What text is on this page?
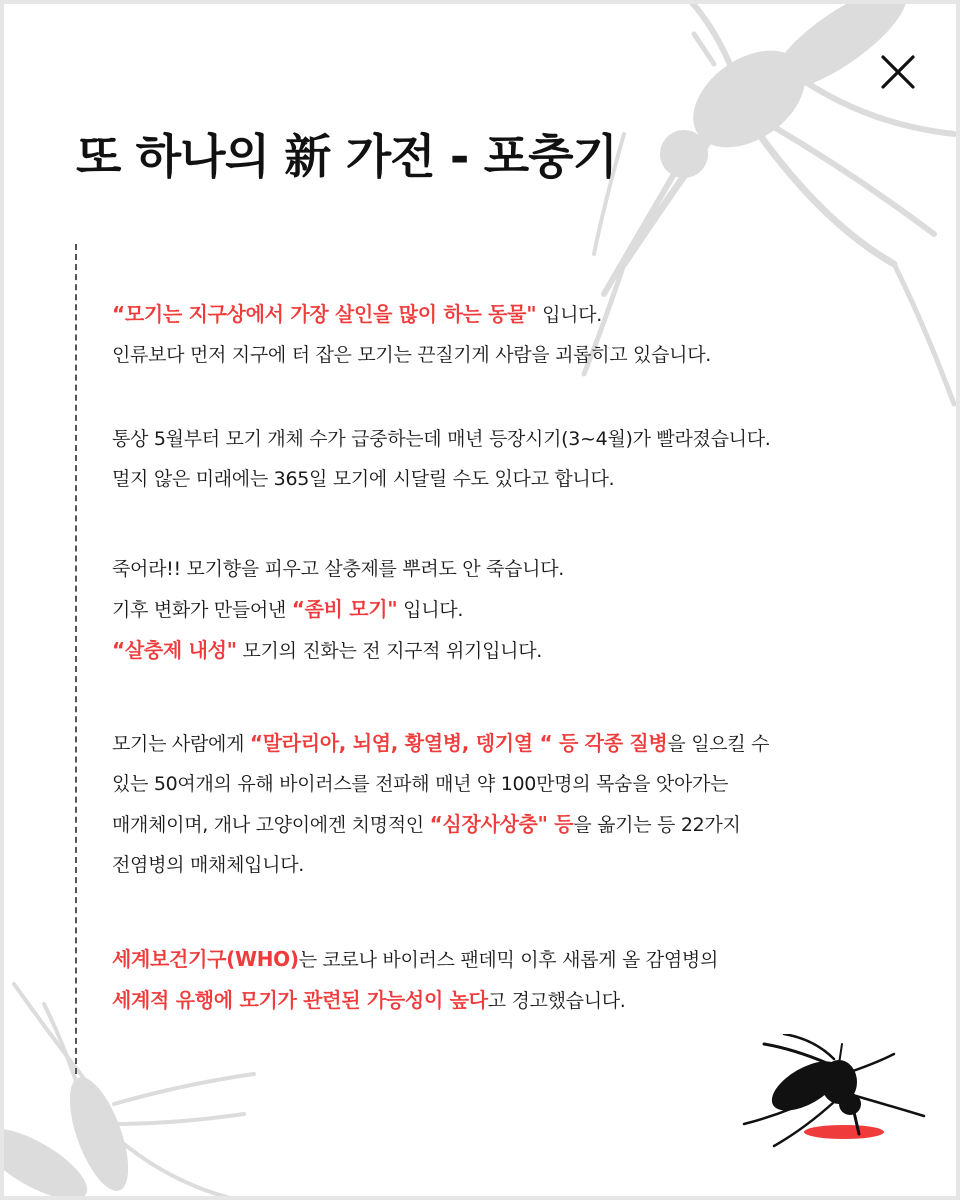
또 하나의 新 가전 - 포충기
“모기는 지구상에서 가장 살인을 많이 하는 동물" 입니다.
인류보다 먼저 지구에 터 잡은 모기는 끈질기게 사람을 괴롭히고 있습니다.
통상 5월부터 모기 개체 수가 급중하는데 매년 등장시기(3~4월)가 빨라졌습니다.
멀지 않은 미래에는 365일 모기에 시달릴 수도 있다고 합니다.
죽어라!! 모기향을 피우고 살충제를 뿌려도 안 죽습니다.
기후 변화가 만들어낸 “좀비 모기" 입니다.
“살충제 내성" 모기의 진화는 전 지구적 위기입니다.
모기는 사람에게 “말라리아, 뇌염, 황열병, 뎅기열 “ 등 각종 질병을 일으킬 수
있는 50여개의 유해 바이러스를 전파해 매년 약 100만명의 목숨을 앗아가는
매개체이며, 개나 고양이에겐 치명적인 “심장사상충" 등을 옮기는 등 22가지
전염병의 매채체입니다.
세계보건기구(WHO)는 코로나 바이러스 팬데믹 이후 새롭게 올 감염병의
세계적 유행에 모기가 관련된 가능성이 높다고 경고했습니다.
